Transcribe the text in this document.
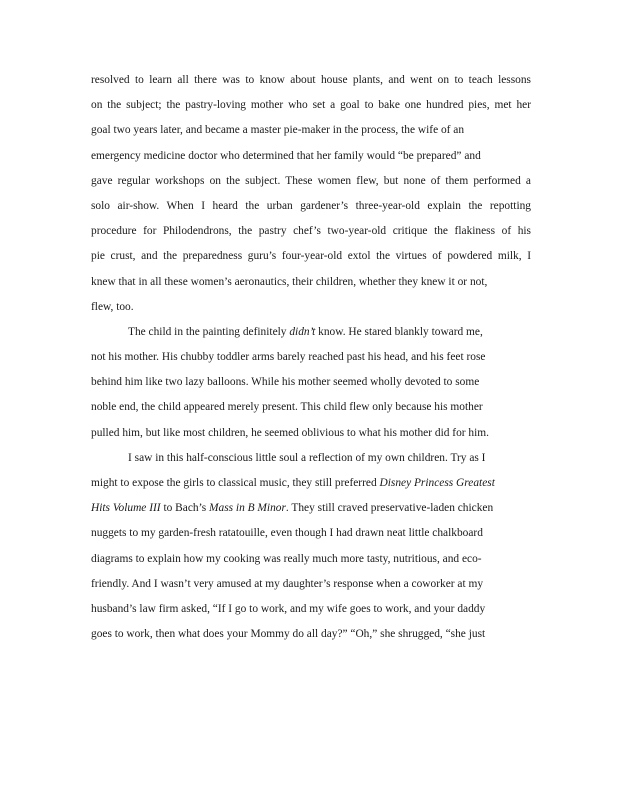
resolved to learn all there was to know about house plants, and went on to teach lessons
on the subject; the pastry-loving mother who set a goal to bake one hundred pies, met her
goal two years later, and became a master pie-maker in the process, the wife of an
emergency medicine doctor who determined that her family would “be prepared” and
gave regular workshops on the subject. These women flew, but none of them performed a
solo air-show. When I heard the urban gardener’s three-year-old explain the repotting
procedure for Philodendrons, the pastry chef’s two-year-old critique the flakiness of his
pie crust, and the preparedness guru’s four-year-old extol the virtues of powdered milk, I
knew that in all these women’s aeronautics, their children, whether they knew it or not,
flew, too.
The child in the painting definitely didn’t know. He stared blankly toward me,
not his mother. His chubby toddler arms barely reached past his head, and his feet rose
behind him like two lazy balloons. While his mother seemed wholly devoted to some
noble end, the child appeared merely present. This child flew only because his mother
pulled him, but like most children, he seemed oblivious to what his mother did for him.
I saw in this half-conscious little soul a reflection of my own children. Try as I
might to expose the girls to classical music, they still preferred Disney Princess Greatest
Hits Volume III to Bach’s Mass in B Minor. They still craved preservative-laden chicken
nuggets to my garden-fresh ratatouille, even though I had drawn neat little chalkboard
diagrams to explain how my cooking was really much more tasty, nutritious, and eco-
friendly. And I wasn’t very amused at my daughter’s response when a coworker at my
husband’s law firm asked, “If I go to work, and my wife goes to work, and your daddy
goes to work, then what does your Mommy do all day?” “Oh,” she shrugged, “she just
